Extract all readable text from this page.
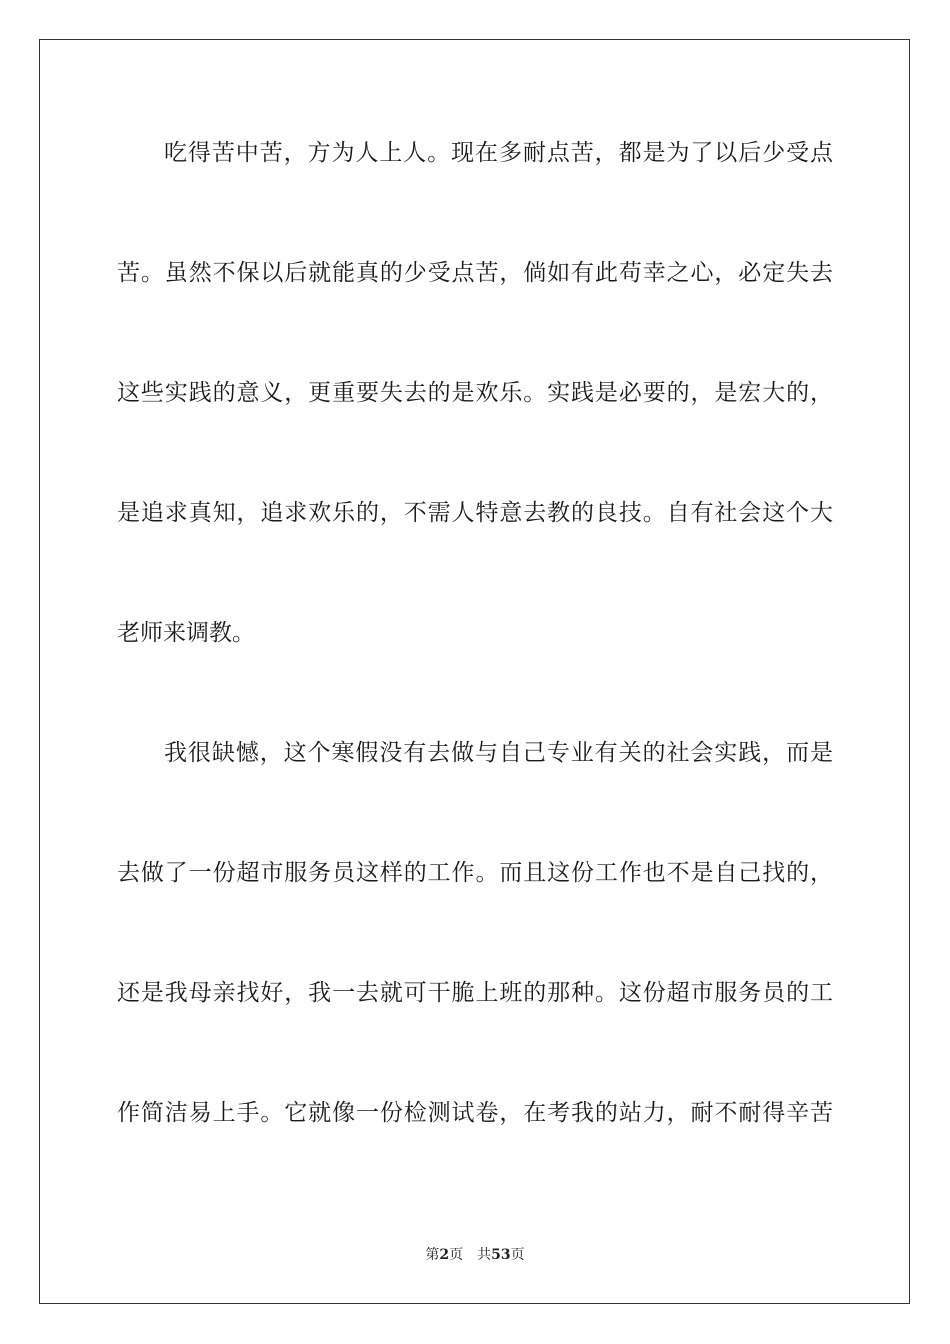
吃得苦中苦，方为人上人。现在多耐点苦，都是为了以后少受点
苦。虽然不保以后就能真的少受点苦，倘如有此苟幸之心，必定失去
这些实践的意义，更重要失去的是欢乐。实践是必要的，是宏大的，
是追求真知，追求欢乐的，不需人特意去教的良技。自有社会这个大
老师来调教。
我很缺憾，这个寒假没有去做与自己专业有关的社会实践，而是
去做了一份超市服务员这样的工作。而且这份工作也不是自己找的，
还是我母亲找好，我一去就可干脆上班的那种。这份超市服务员的工
作简洁易上手。它就像一份检测试卷，在考我的站力，耐不耐得辛苦
第2页 共53页
